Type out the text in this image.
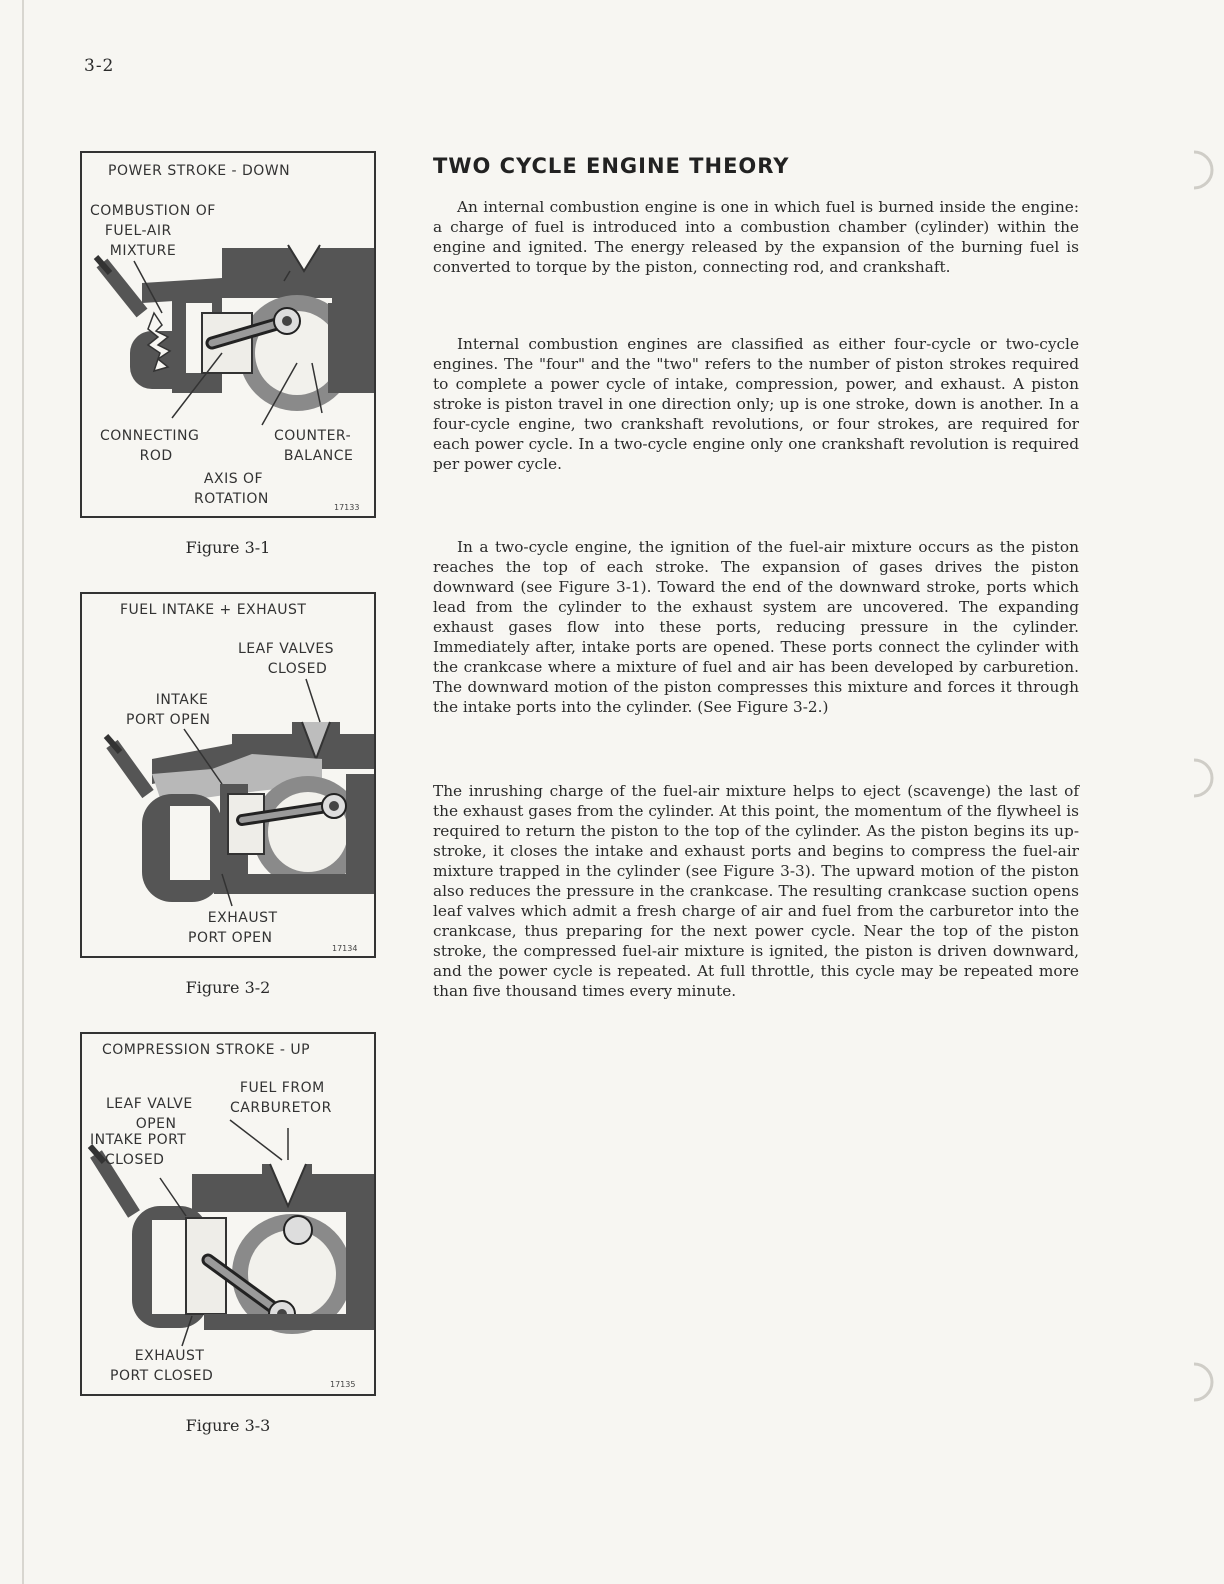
3-2
POWER STROKE - DOWN
COMBUSTION OF
FUEL-AIR
MIXTURE
CONNECTING
ROD
COUNTER-
BALANCE
AXIS OF
ROTATION
17133
Figure 3-1
FUEL INTAKE + EXHAUST
LEAF VALVES
CLOSED
INTAKE
PORT OPEN
EXHAUST
PORT OPEN
17134
Figure 3-2
COMPRESSION STROKE - UP
LEAF VALVE
OPEN
FUEL FROM
CARBURETOR
INTAKE PORT
CLOSED
EXHAUST
PORT CLOSED
17135
Figure 3-3
TWO CYCLE ENGINE THEORY

An internal combustion engine is one in which fuel is burned inside the engine: a charge of fuel is introduced into a combustion chamber (cylinder) within the engine and ignited. The energy released by the expansion of the burning fuel is converted to torque by the piston, connecting rod, and crankshaft.

Internal combustion engines are classified as either four-cycle or two-cycle engines. The "four" and the "two" refers to the number of piston strokes required to complete a power cycle of intake, compression, power, and exhaust. A piston stroke is piston travel in one direction only; up is one stroke, down is another. In a four-cycle engine, two crankshaft revolutions, or four strokes, are required for each power cycle. In a two-cycle engine only one crankshaft revolution is required per power cycle.

In a two-cycle engine, the ignition of the fuel-air mixture occurs as the piston reaches the top of each stroke. The expansion of gases drives the piston downward (see Figure 3-1). Toward the end of the downward stroke, ports which lead from the cylinder to the exhaust system are uncovered. The expanding exhaust gases flow into these ports, reducing pressure in the cylinder. Immediately after, intake ports are opened. These ports connect the cylinder with the crankcase where a mixture of fuel and air has been developed by carburetion. The downward motion of the piston compresses this mixture and forces it through the intake ports into the cylinder. (See Figure 3-2.)

The inrushing charge of the fuel-air mixture helps to eject (scavenge) the last of the exhaust gases from the cylinder. At this point, the momentum of the flywheel is required to return the piston to the top of the cylinder. As the piston begins its up-stroke, it closes the intake and exhaust ports and begins to compress the fuel-air mixture trapped in the cylinder (see Figure 3-3). The upward motion of the piston also reduces the pressure in the crankcase. The resulting crankcase suction opens leaf valves which admit a fresh charge of air and fuel from the carburetor into the crankcase, thus preparing for the next power cycle. Near the top of the piston stroke, the compressed fuel-air mixture is ignited, the piston is driven downward, and the power cycle is repeated. At full throttle, this cycle may be repeated more than five thousand times every minute.
